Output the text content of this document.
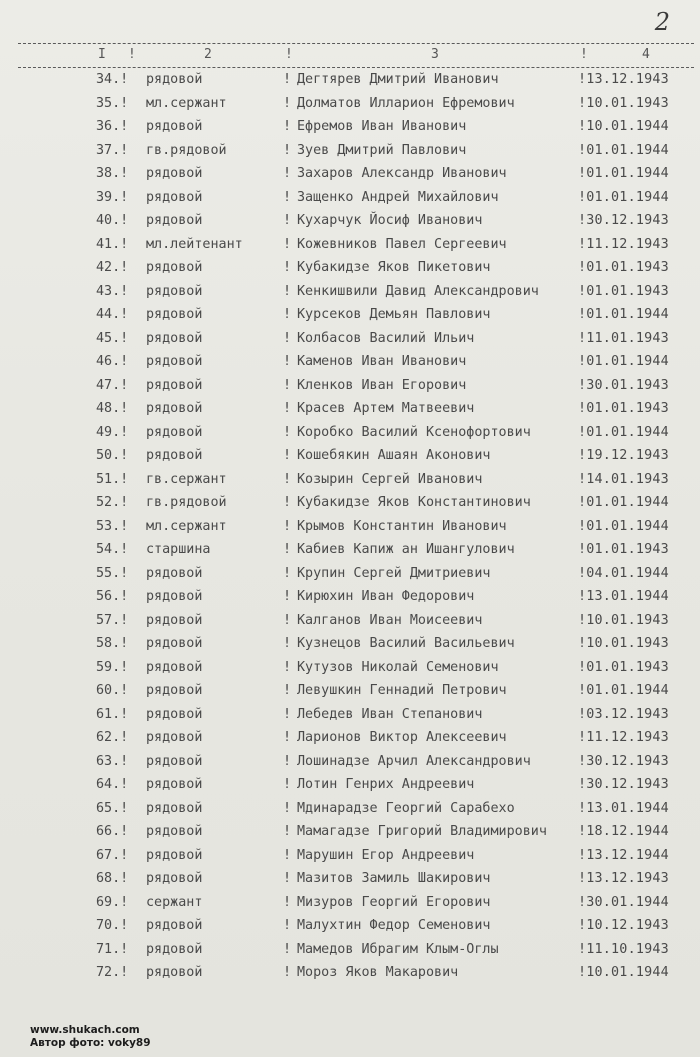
2
I !	2	!	3	!	4
34.!	рядовой	! Дегтярев Дмитрий Иванович	!13.12.1943
35.!	мл.сержант	! Долматов Илларион Ефремович	!10.01.1943
36.!	рядовой	! Ефремов Иван Иванович	!10.01.1944
37.!	гв.рядовой	! Зуев Дмитрий Павлович	!01.01.1944
38.!	рядовой	! Захаров Александр Иванович	!01.01.1944
39.!	рядовой	! Защенко Андрей Михайлович	!01.01.1944
40.!	рядовой	! Кухарчук Йосиф Иванович	!30.12.1943
41.!	мл.лейтенант	! Кожевников Павел Сергеевич	!11.12.1943
42.!	рядовой	! Кубакидзе Яков Пикетович	!01.01.1943
43.!	рядовой	! Кенкишвили Давид Александрович	!01.01.1943
44.!	рядовой	! Курсеков Демьян Павлович	!01.01.1944
45.!	рядовой	! Колбасов Василий Ильич	!11.01.1943
46.!	рядовой	! Каменов Иван Иванович	!01.01.1944
47.!	рядовой	! Кленков Иван Егорович	!30.01.1943
48.!	рядовой	! Красев Артем Матвеевич	!01.01.1943
49.!	рядовой	! Коробко Василий Ксенофортович	!01.01.1944
50.!	рядовой	! Кошебякин Ашаян Аконович	!19.12.1943
51.!	гв.сержант	! Козырин Сергей Иванович	!14.01.1943
52.!	гв.рядовой	! Кубакидзе Яков Константинович	!01.01.1944
53.!	мл.сержант	! Крымов Константин Иванович	!01.01.1944
54.!	старшина	! Кабиев Капиж ан Ишангулович	!01.01.1943
55.!	рядовой	! Крупин Сергей Дмитриевич	!04.01.1944
56.!	рядовой	! Кирюхин Иван Федорович	!13.01.1944
57.!	рядовой	! Калганов Иван Моисеевич	!10.01.1943
58.!	рядовой	! Кузнецов Василий Васильевич	!10.01.1943
59.!	рядовой	! Кутузов Николай Семенович	!01.01.1943
60.!	рядовой	! Левушкин Геннадий Петрович	!01.01.1944
61.!	рядовой	! Лебедев Иван Степанович	!03.12.1943
62.!	рядовой	! Ларионов Виктор Алексеевич	!11.12.1943
63.!	рядовой	! Лошинадзе Арчил Александрович	!30.12.1943
64.!	рядовой	! Лотин Генрих Андреевич	!30.12.1943
65.!	рядовой	! Мдинарадзе Георгий Сарабехо	!13.01.1944
66.!	рядовой	! Мамагадзе Григорий Владимирович !18.12.1944
67.!	рядовой	! Марушин Егор Андреевич	!13.12.1944
68.!	рядовой	! Мазитов Замиль Шакирович	!13.12.1943
69.!	сержант	! Мизуров Георгий Егорович	!30.01.1944
70.!	рядовой	! Малухтин Федор Семенович	!10.12.1943
71.!	рядовой	! Мамедов Ибрагим Клым-Оглы	!11.10.1943
72.!	рядовой	! Мороз Яков Макарович	!10.01.1944
www.shukach.com
Автор фото: voky89
